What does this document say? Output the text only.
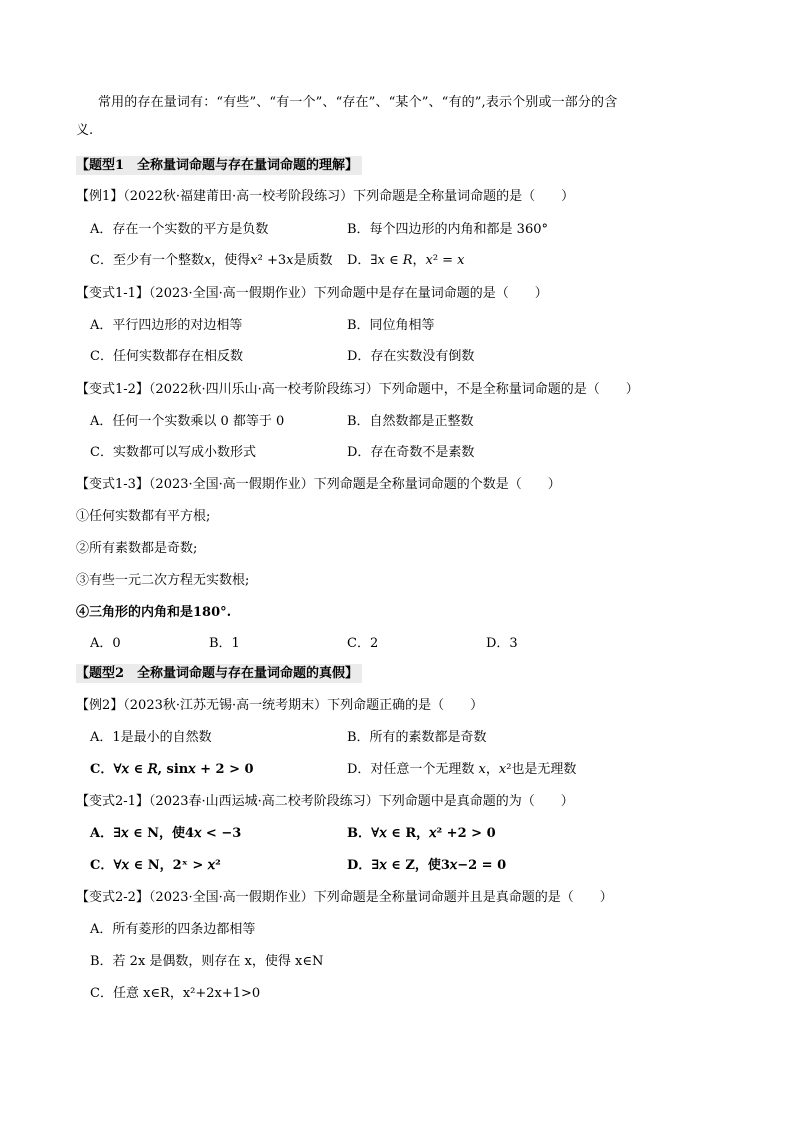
常用的存在量词有：“有些”、“有一个”、“存在”、“某个”、“有的”,表示个别或一部分的含
义.
【题型1　全称量词命题与存在量词命题的理解】
【例1】（2022秋·福建莆田·高一校考阶段练习）下列命题是全称量词命题的是（　　）
A．存在一个实数的平方是负数	B．每个四边形的内角和都是 360°
C．至少有一个整数𝑥，使得𝑥² +3𝑥是质数 D．∃𝑥 ∈ 𝑅，𝑥² = 𝑥
【变式1-1】（2023·全国·高一假期作业）下列命题中是存在量词命题的是（　　）
A．平行四边形的对边相等	B．同位角相等
C．任何实数都存在相反数	D．存在实数没有倒数
【变式1-2】（2022秋·四川乐山·高一校考阶段练习）下列命题中，不是全称量词命题的是（　　）
A．任何一个实数乘以 0 都等于 0	B．自然数都是正整数
C．实数都可以写成小数形式	D．存在奇数不是素数
【变式1-3】（2023·全国·高一假期作业）下列命题是全称量词命题的个数是（　　）
①任何实数都有平方根;
②所有素数都是奇数;
③有些一元二次方程无实数根;
④三角形的内角和是180°.
A．0	B．1	C．2	D．3
【题型2　全称量词命题与存在量词命题的真假】
【例2】（2023秋·江苏无锡·高一统考期末）下列命题正确的是（　　）
A．1是最小的自然数	B．所有的素数都是奇数
C．∀𝑥 ∈ 𝑅, sin𝑥 + 2 > 0	D．对任意一个无理数 𝑥，𝑥²也是无理数
【变式2-1】（2023春·山西运城·高二校考阶段练习）下列命题中是真命题的为（　　）
A．∃𝑥 ∈ N，使4𝑥 < −3	B．∀𝑥 ∈ R，𝑥² +2 > 0
C．∀𝑥 ∈ N，2ˣ > 𝑥²	D．∃𝑥 ∈ Z，使3𝑥−2 = 0
【变式2-2】（2023·全国·高一假期作业）下列命题是全称量词命题并且是真命题的是（　　）
A．所有菱形的四条边都相等
B．若 2x 是偶数，则存在 x，使得 x∈N
C．任意 x∈R，x²+2x+1>0
